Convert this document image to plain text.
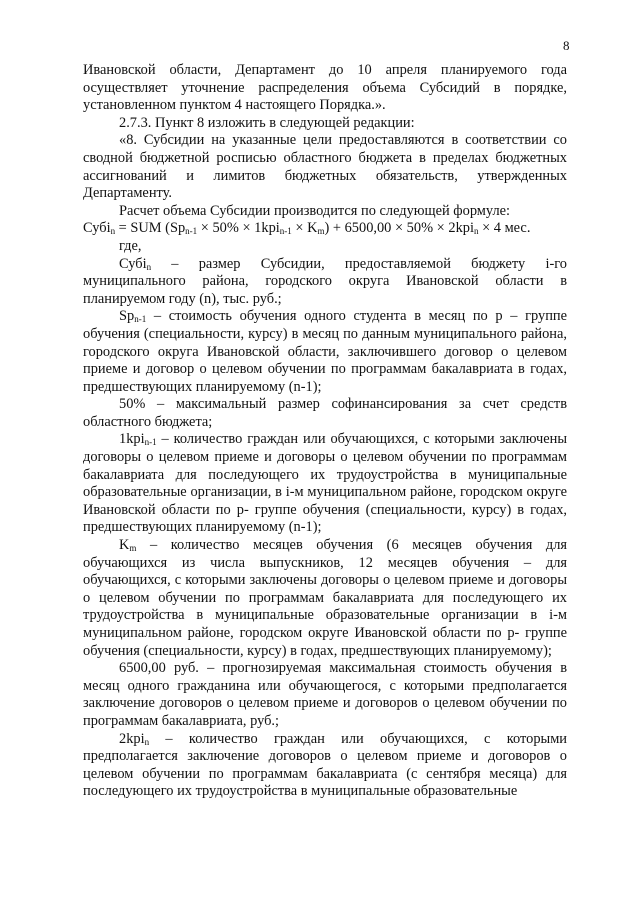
8

Ивановской области, Департамент до 10 апреля планируемого года осуществляет уточнение распределения объема Субсидий в порядке, установленном пунктом 4 настоящего Порядка.».

2.7.3. Пункт 8 изложить в следующей редакции:

«8. Субсидии на указанные цели предоставляются в соответствии со сводной бюджетной росписью областного бюджета в пределах бюджетных ассигнований и лимитов бюджетных обязательств, утвержденных Департаменту.

Расчет объема Субсидии производится по следующей формуле:

Субі$_n$ = SUM $(Sp_{n-1} \times 50\% \times 1kpi_{n-1} \times K_m) + 6500,00 \times 50\% \times 2kpi_n \times 4$ мес.

где,

Субі$_n$ – размер Субсидии, предоставляемой бюджету i-го муниципального района, городского округа Ивановской области в планируемом году (n), тыс. руб.;

$Sp_{n-1}$ – стоимость обучения одного студента в месяц по р – группе обучения (специальности, курсу) в месяц по данным муниципального района, городского округа Ивановской области, заключившего договор о целевом приеме и договор о целевом обучении по программам бакалавриата в годах, предшествующих планируемому (n-1);

50% – максимальный размер софинансирования за счет средств областного бюджета;

1kpi$_{n-1}$ – количество граждан или обучающихся, с которыми заключены договоры о целевом приеме и договоры о целевом обучении по программам бакалавриата для последующего их трудоустройства в муниципальные образовательные организации, в i-м муниципальном районе, городском округе Ивановской области по р- группе обучения (специальности, курсу) в годах, предшествующих планируемому (n-1);

$K_m$ – количество месяцев обучения (6 месяцев обучения для обучающихся из числа выпускников, 12 месяцев обучения – для обучающихся, с которыми заключены договоры о целевом приеме и договоры о целевом обучении по программам бакалавриата для последующего их трудоустройства в муниципальные образовательные организации в i-м муниципальном районе, городском округе Ивановской области по р- группе обучения (специальности, курсу) в годах, предшествующих планируемому);

6500,00 руб. – прогнозируемая максимальная стоимость обучения в месяц одного гражданина или обучающегося, с которыми предполагается заключение договоров о целевом приеме и договоров о целевом обучении по программам бакалавриата, руб.;

2kpi$_n$ – количество граждан или обучающихся, с которыми предполагается заключение договоров о целевом приеме и договоров о целевом обучении по программам бакалавриата (с сентября месяца) для последующего их трудоустройства в муниципальные образовательные
